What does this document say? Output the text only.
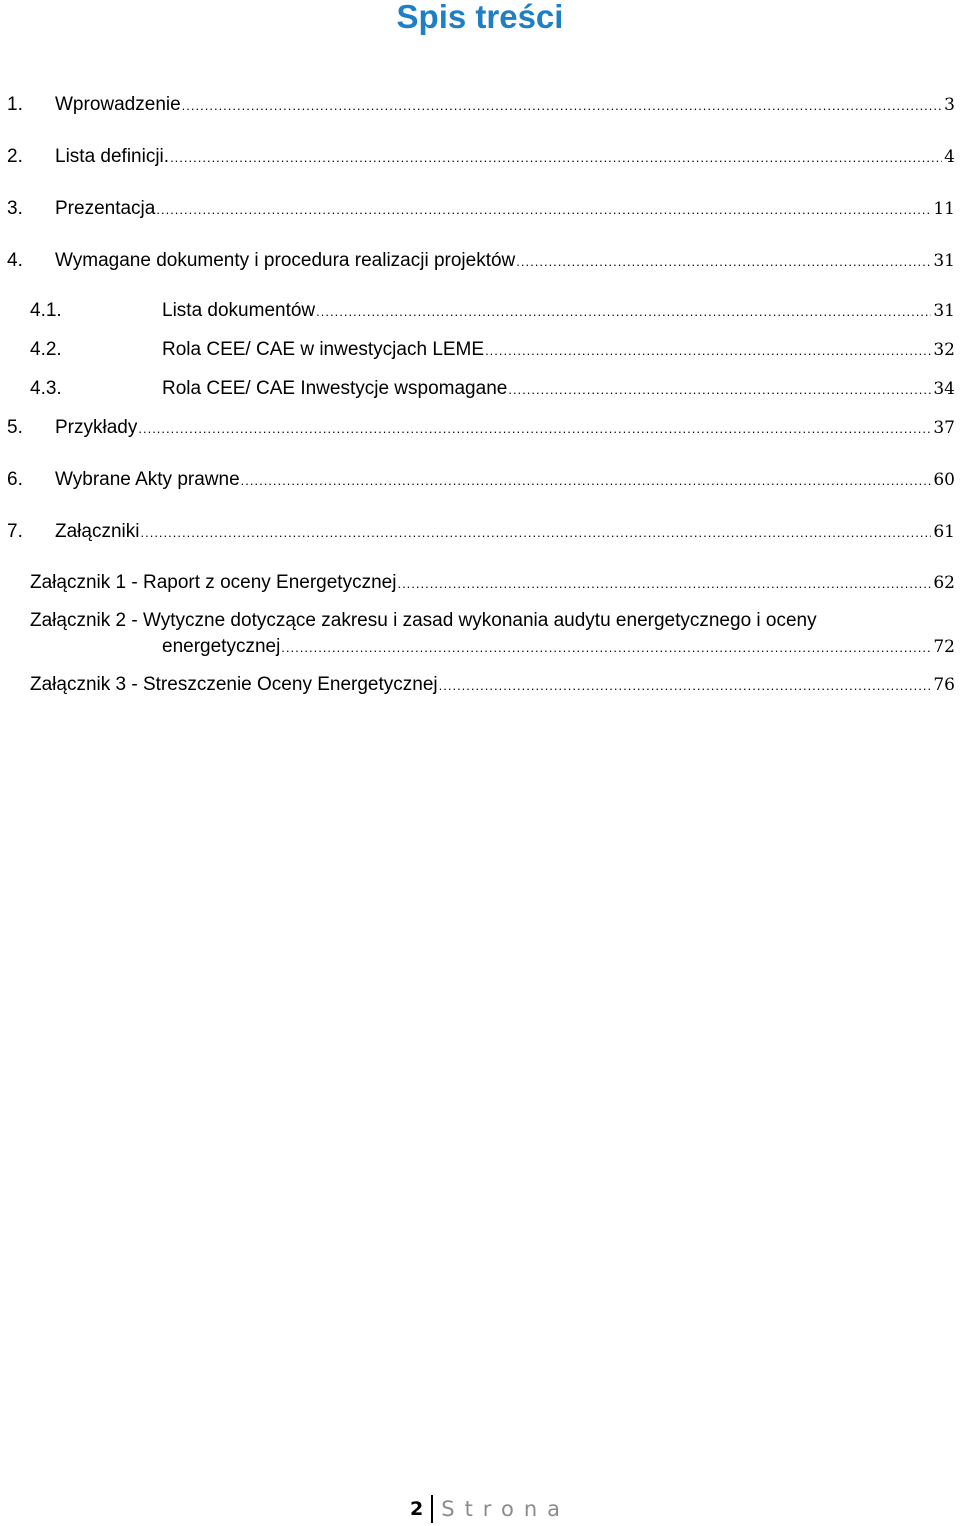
Spis treści
1.	Wprowadzenie .....	3
2.	Lista definicji. .....	4
3.	Prezentacja .....	11
4.	Wymagane dokumenty i procedura realizacji projektów .....	31
4.1.	Lista dokumentów .....	31
4.2.	Rola CEE/ CAE w inwestycjach LEME .....	32
4.3.	Rola CEE/ CAE Inwestycje wspomagane .....	34
5.	Przykłady .....	37
6.	Wybrane Akty prawne .....	60
7.	Załączniki .....	61
Załącznik 1 - Raport z oceny Energetycznej .....	62
Załącznik 2 - Wytyczne dotyczące zakresu i zasad wykonania audytu energetycznego i oceny
energetycznej .....	72
Załącznik 3 - Streszczenie Oceny Energetycznej .....	76
2 Strona
